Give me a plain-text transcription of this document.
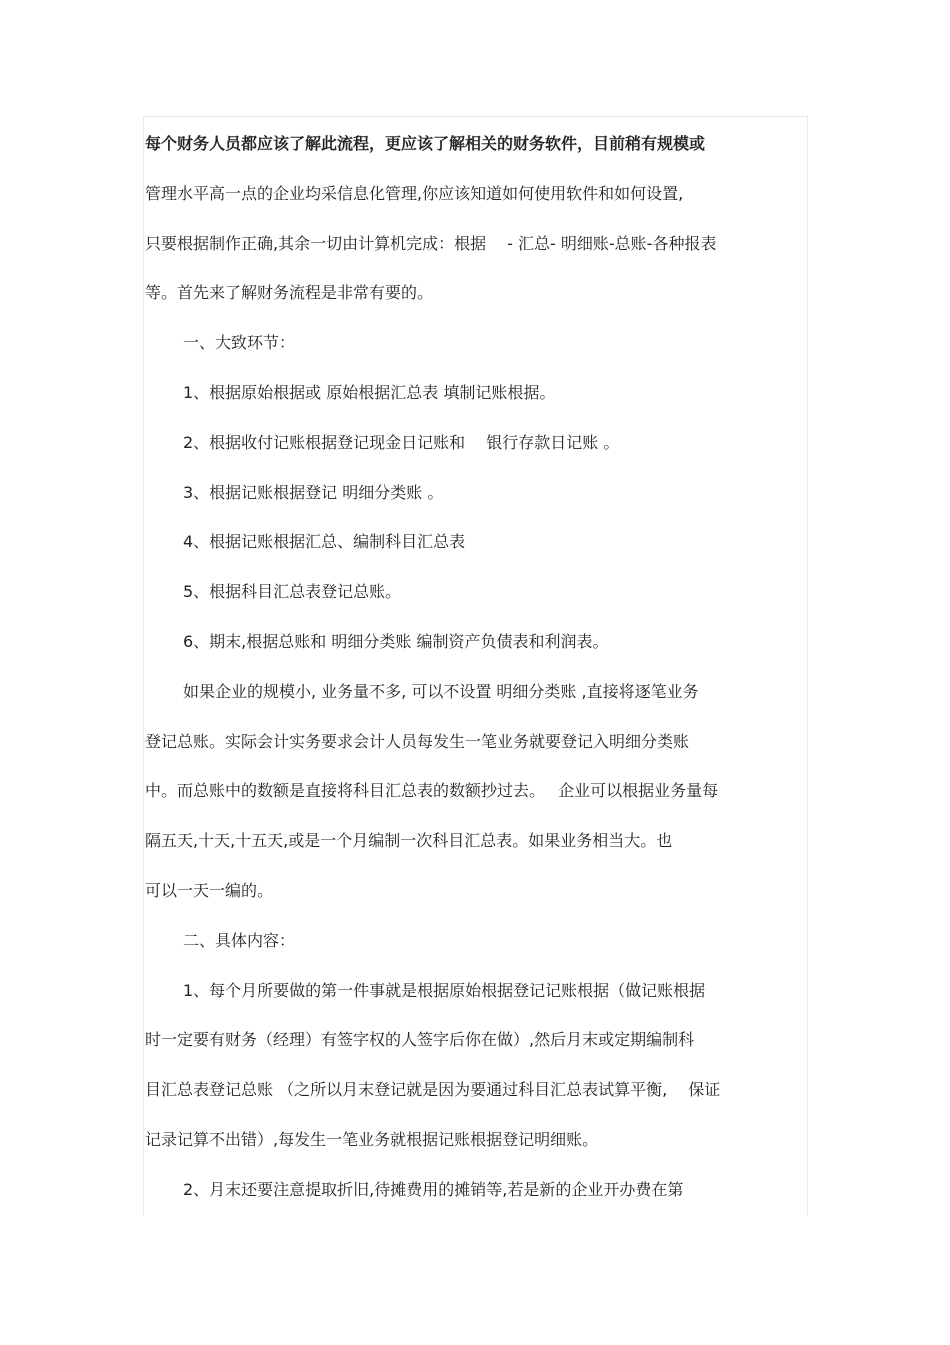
每个财务人员都应该了解此流程，更应该了解相关的财务软件，目前稍有规模或
管理水平高一点的企业均采信息化管理,你应该知道如何使用软件和如何设置,
只要根据制作正确,其余一切由计算机完成：根据　 - 汇总- 明细账-总账-各种报表
等。首先来了解财务流程是非常有要的。
一、大致环节：
1、根据原始根据或 原始根据汇总表 填制记账根据。
2、根据收付记账根据登记现金日记账和　 银行存款日记账 。
3、根据记账根据登记 明细分类账 。
4、根据记账根据汇总、编制科目汇总表
5、根据科目汇总表登记总账。
6、期末,根据总账和 明细分类账 编制资产负债表和利润表。
如果企业的规模小, 业务量不多, 可以不设置 明细分类账 ,直接将逐笔业务
登记总账。实际会计实务要求会计人员每发生一笔业务就要登记入明细分类账
中。而总账中的数额是直接将科目汇总表的数额抄过去。　 企业可以根据业务量每
隔五天,十天,十五天,或是一个月编制一次科目汇总表。如果业务相当大。也
可以一天一编的。
二、具体内容：
1、每个月所要做的第一件事就是根据原始根据登记记账根据（做记账根据
时一定要有财务（经理）有签字权的人签字后你在做）,然后月末或定期编制科
目汇总表登记总账 （之所以月末登记就是因为要通过科目汇总表试算平衡,　 保证
记录记算不出错）,每发生一笔业务就根据记账根据登记明细账。
2、月末还要注意提取折旧,待摊费用的摊销等,若是新的企业开办费在第
